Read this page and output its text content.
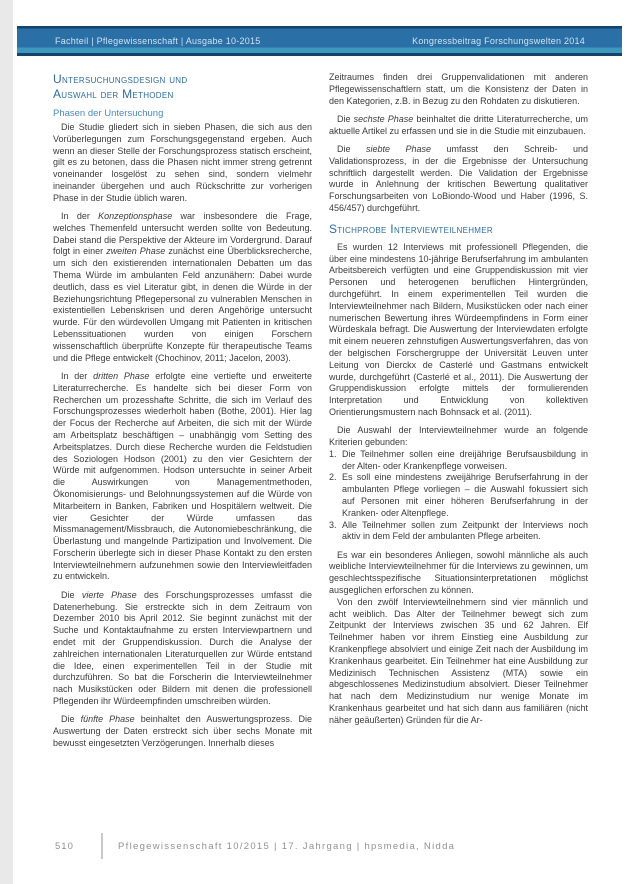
Fachteil | Pflegewissenschaft | Ausgabe 10-2015	Kongressbeitrag Forschungswelten 2014
Untersuchungsdesign und
Auswahl der Methoden
Phasen der Untersuchung

Die Studie gliedert sich in sieben Phasen, die sich aus den Vorüberlegungen zum Forschungsgegenstand ergeben. Auch wenn an dieser Stelle der Forschungsprozess statisch erscheint, gilt es zu betonen, dass die Phasen nicht immer streng getrennt voneinander losgelöst zu sehen sind, sondern vielmehr ineinander übergehen und auch Rückschritte zur vorherigen Phase in der Studie üblich waren.

In der Konzeptionsphase war insbesondere die Frage, welches Themenfeld untersucht werden sollte von Bedeutung. Dabei stand die Perspektive der Akteure im Vordergrund. Darauf folgt in einer zweiten Phase zunächst eine Überblicksrecherche, um sich den existierenden internationalen Debatten um das Thema Würde im ambulanten Feld anzunähern: Dabei wurde deutlich, dass es viel Literatur gibt, in denen die Würde in der Beziehungsrichtung Pflegepersonal zu vulnerablen Menschen in existentiellen Lebenskrisen und deren Angehörige untersucht wurde. Für den würdevollen Umgang mit Patienten in kritischen Lebenssituationen wurden von einigen Forschern wissenschaftlich überprüfte Konzepte für therapeutische Teams und die Pflege entwickelt (Chochinov, 2011; Jacelon, 2003).

In der dritten Phase erfolgte eine vertiefte und erweiterte Literaturrecherche. Es handelte sich bei dieser Form von Recherchen um prozesshafte Schritte, die sich im Verlauf des Forschungsprozesses wiederholt haben (Bothe, 2001). Hier lag der Focus der Recherche auf Arbeiten, die sich mit der Würde am Arbeitsplatz beschäftigen – unabhängig vom Setting des Arbeitsplatzes. Durch diese Recherche wurden die Feldstudien des Soziologen Hodson (2001) zu den vier Gesichtern der Würde mit aufgenommen. Hodson untersuchte in seiner Arbeit die Auswirkungen von Managementmethoden, Ökonomisierungs- und Belohnungssystemen auf die Würde von Mitarbeitern in Banken, Fabriken und Hospitälern weltweit. Die vier Gesichter der Würde umfassen das Missmanagement/Missbrauch, die Autonomiebeschränkung, die Überlastung und mangelnde Partizipation und Involvement. Die Forscherin überlegte sich in dieser Phase Kontakt zu den ersten Interviewteilnehmern aufzunehmen sowie den Interviewleitfaden zu entwickeln.

Die vierte Phase des Forschungsprozesses umfasst die Datenerhebung. Sie erstreckte sich in dem Zeitraum von Dezember 2010 bis April 2012. Sie beginnt zunächst mit der Suche und Kontaktaufnahme zu ersten Interviewpartnern und endet mit der Gruppendiskussion. Durch die Analyse der zahlreichen internationalen Literaturquellen zur Würde entstand die Idee, einen experimentellen Teil in der Studie mit durchzuführen. So bat die Forscherin die Interviewteilnehmer nach Musikstücken oder Bildern mit denen die professionell Pflegenden ihr Würdeempfinden umschreiben würden.

Die fünfte Phase beinhaltet den Auswertungsprozess. Die Auswertung der Daten erstreckt sich über sechs Monate mit bewusst eingesetzten Verzögerungen. Innerhalb dieses

Zeitraumes finden drei Gruppenvalidationen mit anderen Pflegewissenschaftlern statt, um die Konsistenz der Daten in den Kategorien, z.B. in Bezug zu den Rohdaten zu diskutieren.

Die sechste Phase beinhaltet die dritte Literaturrecherche, um aktuelle Artikel zu erfassen und sie in die Studie mit einzubauen.

Die siebte Phase umfasst den Schreib- und Validationsprozess, in der die Ergebnisse der Untersuchung schriftlich dargestellt werden. Die Validation der Ergebnisse wurde in Anlehnung der kritischen Bewertung qualitativer Forschungsarbeiten von LoBiondo-Wood und Haber (1996, S. 456/457) durchgeführt.

Stichprobe Interviewteilnehmer

Es wurden 12 Interviews mit professionell Pflegenden, die über eine mindestens 10-jährige Berufserfahrung im ambulanten Arbeitsbereich verfügten und eine Gruppendiskussion mit vier Personen und heterogenen beruflichen Hintergründen, durchgeführt. In einem experimentellen Teil wurden die Interviewteilnehmer nach Bildern, Musikstücken oder nach einer numerischen Bewertung ihres Würdeempfindens in Form einer Würdeskala befragt. Die Auswertung der Interviewdaten erfolgte mit einem neueren zehnstufigen Auswertungsverfahren, das von der belgischen Forschergruppe der Universität Leuven unter Leitung von Dierckx de Casterlé und Gastmans entwickelt wurde, durchgeführt (Casterlé et al., 2011). Die Auswertung der Gruppendiskussion erfolgte mittels der formulierenden Interpretation und Entwicklung von kollektiven Orientierungsmustern nach Bohnsack et al. (2011).

Die Auswahl der Interviewteilnehmer wurde an folgende Kriterien gebunden:

1. Die Teilnehmer sollen eine dreijährige Berufsausbildung in der Alten- oder Krankenpflege vorweisen.
2. Es soll eine mindestens zweijährige Berufserfahrung in der ambulanten Pflege vorliegen – die Auswahl fokussiert sich auf Personen mit einer höheren Berufserfahrung in der Kranken- oder Altenpflege.
3. Alle Teilnehmer sollen zum Zeitpunkt der Interviews noch aktiv in dem Feld der ambulanten Pflege arbeiten.

Es war ein besonderes Anliegen, sowohl männliche als auch weibliche Interviewteilnehmer für die Interviews zu gewinnen, um geschlechtsspezifische Situationsinterpretationen möglichst ausgeglichen erforschen zu können.

Von den zwölf Interviewteilnehmern sind vier männlich und acht weiblich. Das Alter der Teilnehmer bewegt sich zum Zeitpunkt der Interviews zwischen 35 und 62 Jahren. Elf Teilnehmer haben vor ihrem Einstieg eine Ausbildung zur Krankenpflege absolviert und einige Zeit nach der Ausbildung im Krankenhaus gearbeitet. Ein Teilnehmer hat eine Ausbildung zur Medizinisch Technischen Assistenz (MTA) sowie ein abgeschlossenes Medizinstudium absolviert. Dieser Teilnehmer hat nach dem Medizinstudium nur wenige Monate im Krankenhaus gearbeitet und hat sich dann aus familiären (nicht näher geäußerten) Gründen für die Ar-

510	Pflegewissenschaft 10/2015 | 17. Jahrgang | hpsmedia, Nidda
